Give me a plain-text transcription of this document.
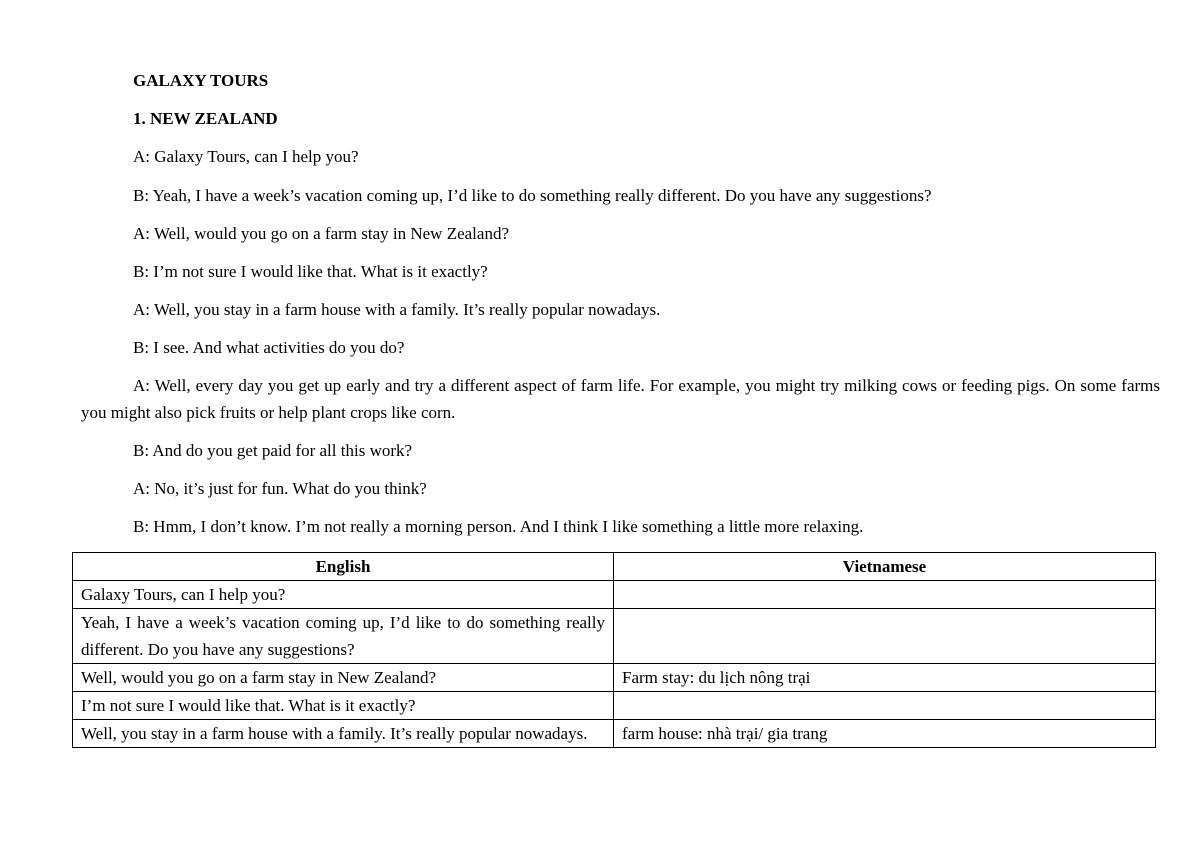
GALAXY TOURS
1. NEW ZEALAND
A: Galaxy Tours, can I help you?
B: Yeah, I have a week’s vacation coming up, I’d like to do something really different. Do you have any suggestions?
A: Well, would you go on a farm stay in New Zealand?
B: I’m not sure I would like that. What is it exactly?
A: Well, you stay in a farm house with a family. It’s really popular nowadays.
B: I see. And what activities do you do?
A: Well, every day you get up early and try a different aspect of farm life. For example, you might try milking cows or feeding pigs. On some farms you might also pick fruits or help plant crops like corn.
B: And do you get paid for all this work?
A: No, it’s just for fun. What do you think?
B: Hmm, I don’t know. I’m not really a morning person. And I think I like something a little more relaxing.
English	Vietnamese
Galaxy Tours, can I help you?	
Yeah, I have a week’s vacation coming up, I’d like to do something really different. Do you have any suggestions?	
Well, would you go on a farm stay in New Zealand?	Farm stay: du lịch nông trại
I’m not sure I would like that. What is it exactly?	
Well, you stay in a farm house with a family. It’s really popular nowadays.	farm house: nhà trại/ gia trang
